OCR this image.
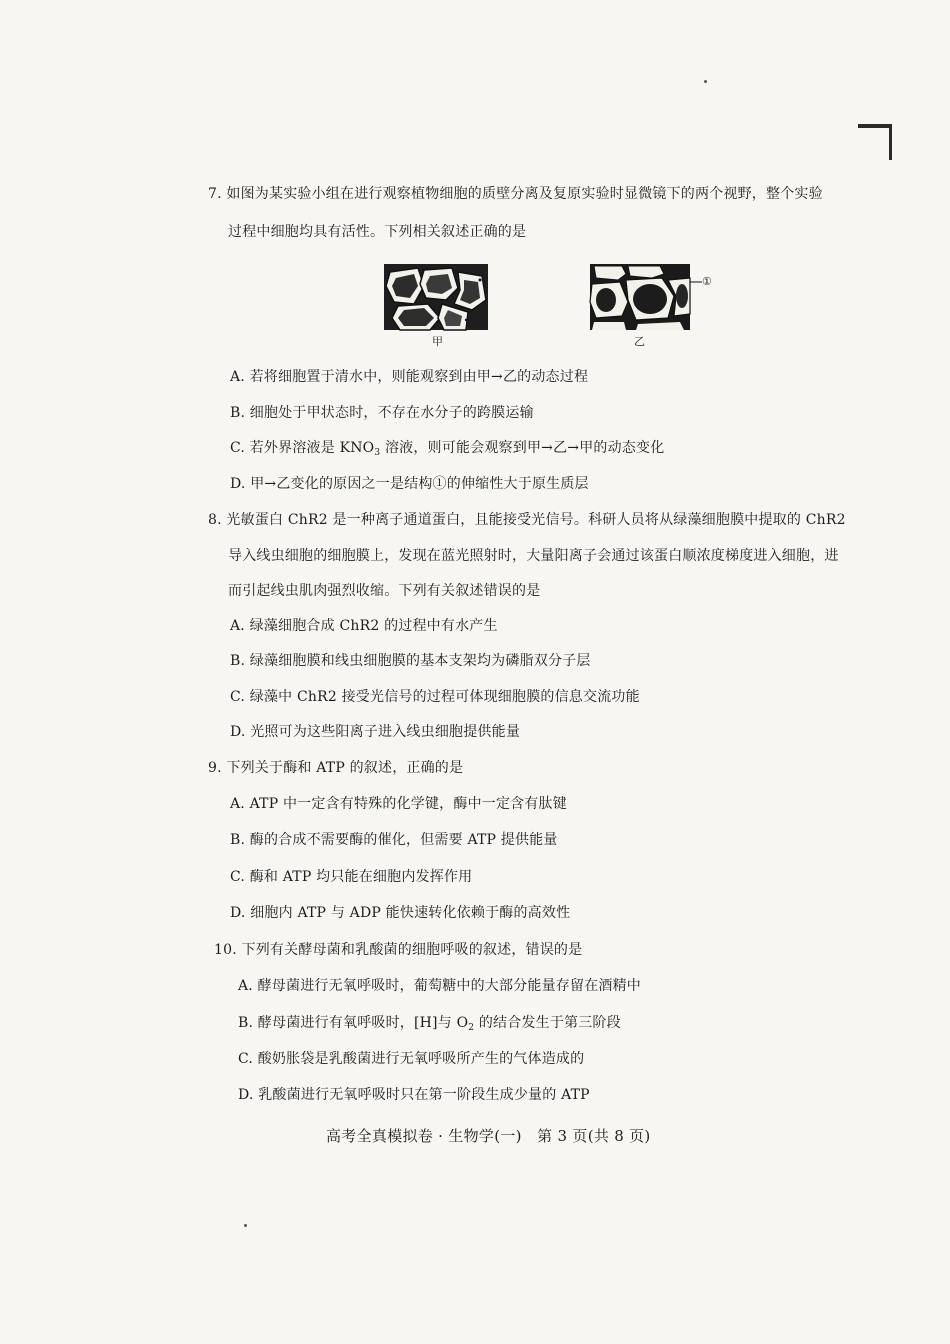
7. 如图为某实验小组在进行观察植物细胞的质壁分离及复原实验时显微镜下的两个视野，整个实验
过程中细胞均具有活性。下列相关叙述正确的是
甲	乙
①
A. 若将细胞置于清水中，则能观察到由甲→乙的动态过程
B. 细胞处于甲状态时，不存在水分子的跨膜运输
C. 若外界溶液是 $KNO_3$ 溶液，则可能会观察到甲→乙→甲的动态变化
D. 甲→乙变化的原因之一是结构①的伸缩性大于原生质层
8. 光敏蛋白 ChR2 是一种离子通道蛋白，且能接受光信号。科研人员将从绿藻细胞膜中提取的 ChR2
导入线虫细胞的细胞膜上，发现在蓝光照射时，大量阳离子会通过该蛋白顺浓度梯度进入细胞，进
而引起线虫肌肉强烈收缩。下列有关叙述错误的是
A. 绿藻细胞合成 ChR2 的过程中有水产生
B. 绿藻细胞膜和线虫细胞膜的基本支架均为磷脂双分子层
C. 绿藻中 ChR2 接受光信号的过程可体现细胞膜的信息交流功能
D. 光照可为这些阳离子进入线虫细胞提供能量
9. 下列关于酶和 ATP 的叙述，正确的是
A. ATP 中一定含有特殊的化学键，酶中一定含有肽键
B. 酶的合成不需要酶的催化，但需要 ATP 提供能量
C. 酶和 ATP 均只能在细胞内发挥作用
D. 细胞内 ATP 与 ADP 能快速转化依赖于酶的高效性
10. 下列有关酵母菌和乳酸菌的细胞呼吸的叙述，错误的是
A. 酵母菌进行无氧呼吸时，葡萄糖中的大部分能量存留在酒精中
B. 酵母菌进行有氧呼吸时，[H]与 $O_2$ 的结合发生于第三阶段
C. 酸奶胀袋是乳酸菌进行无氧呼吸所产生的气体造成的
D. 乳酸菌进行无氧呼吸时只在第一阶段生成少量的 ATP
高考全真模拟卷 · 生物学(一)　第 3 页(共 8 页)
